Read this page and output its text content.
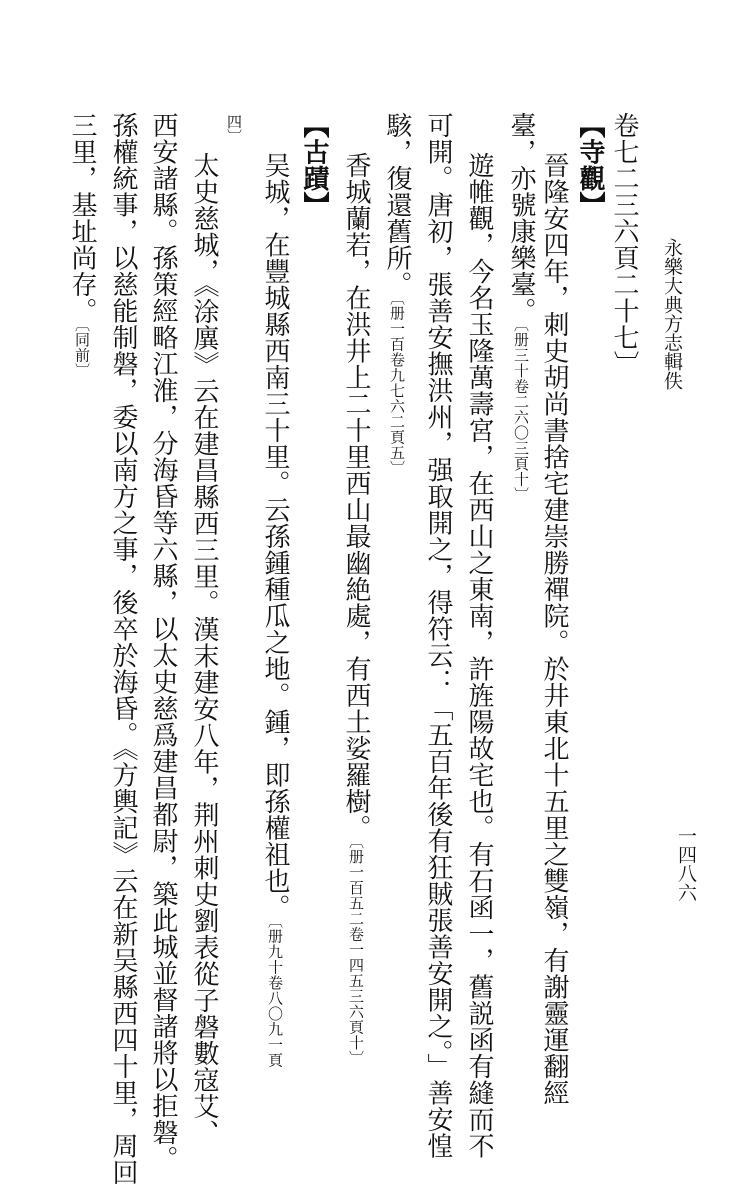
永樂大典方志輯佚
一四八六
卷七二三六頁二十七〕
【寺觀】
晉隆安四年，刺史胡尚書捨宅建崇勝禪院。於井東北十五里之雙嶺，有謝靈運翻經
臺，亦號康樂臺。〔册三十卷二六〇三頁十〕
遊帷觀，今名玉隆萬壽宮，在西山之東南，許旌陽故宅也。有石函一，舊説函有縫而不
可開。唐初，張善安撫洪州，强取開之，得符云：「五百年後有狂賊張善安開之。」善安惶
駭，復還舊所。〔册一百卷九七六二頁五〕
香城蘭若，在洪井上二十里西山最幽絶處，有西土娑羅樹。〔册一百五二卷一四五三六頁十〕
【古蹟】
吴城，在豐城縣西南三十里。云孫鍾種瓜之地。鍾，即孫權祖也。〔册九十卷八〇九一頁
四〕
太史慈城，《涂廙》云在建昌縣西三里。漢末建安八年，荆州刺史劉表從子磐數寇艾、
西安諸縣。孫策經略江淮，分海昏等六縣，以太史慈爲建昌都尉，築此城並督諸將以拒磐。
孫權統事，以慈能制磐，委以南方之事，後卒於海昏。《方輿記》云在新吴縣西四十里，周回
三里，基址尚存。〔同前〕
